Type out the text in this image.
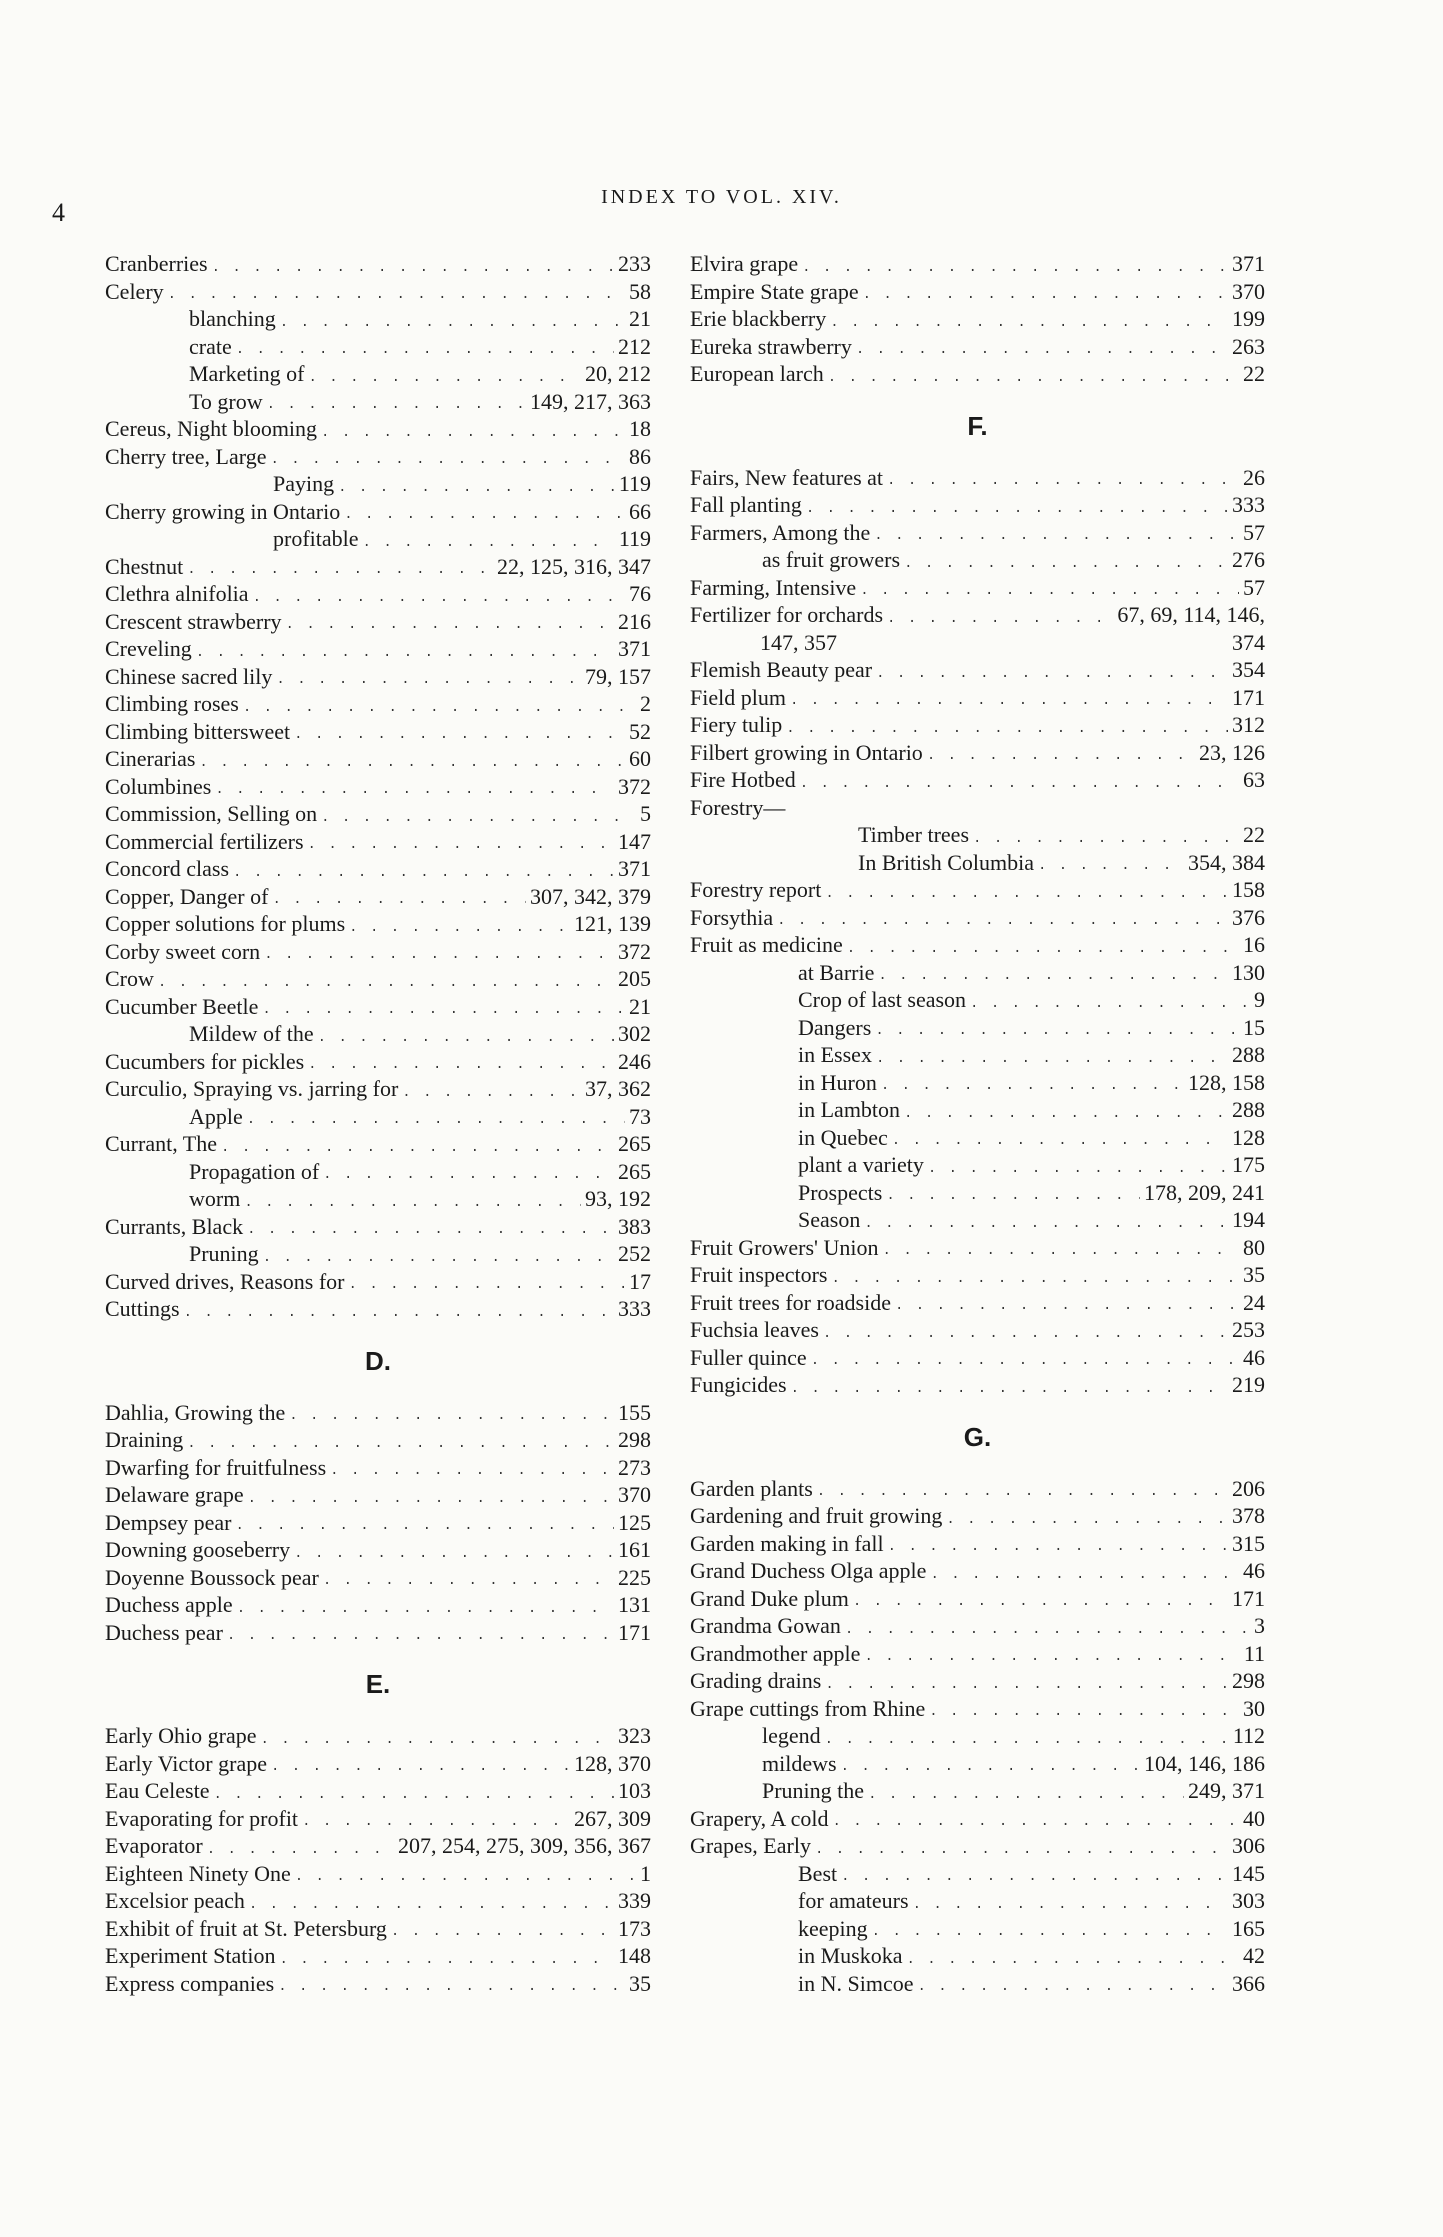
4
INDEX TO VOL. XIV.
Cranberries . . .	233
Celery . . .	58
blanching . . .	21
crate . . .	212
Marketing of . . .	20, 212
To grow . . .	149, 217, 363
Cereus, Night blooming . . .	18
Cherry tree, Large . . .	86
Paying . . .	119
Cherry growing in Ontario . . .	66
profitable . . .	119
Chestnut . . .	22, 125, 316, 347
Clethra alnifolia . . .	76
Crescent strawberry . . .	216
Creveling . . .	371
Chinese sacred lily . . .	79, 157
Climbing roses . . .	2
Climbing bittersweet . . .	52
Cinerarias . . .	60
Columbines . . .	372
Commission, Selling on . . .	5
Commercial fertilizers . . .	147
Concord class . . .	371
Copper, Danger of . . .	307, 342, 379
Copper solutions for plums . . .	121, 139
Corby sweet corn . . .	372
Crow . . .	205
Cucumber Beetle . . .	21
Mildew of the . . .	302
Cucumbers for pickles . . .	246
Curculio, Spraying vs. jarring for . . .	37, 362
Apple . . .	73
Currant, The . . .	265
Propagation of . . .	265
worm . . .	93, 192
Currants, Black . . .	383
Pruning . . .	252
Curved drives, Reasons for . . .	17
Cuttings . . .	333
D.
Dahlia, Growing the . . .	155
Draining . . .	298
Dwarfing for fruitfulness . . .	273
Delaware grape . . .	370
Dempsey pear . . .	125
Downing gooseberry . . .	161
Doyenne Boussock pear . . .	225
Duchess apple . . .	131
Duchess pear . . .	171
E.
Early Ohio grape . . .	323
Early Victor grape . . .	128, 370
Eau Celeste . . .	103
Evaporating for profit . . .	267, 309
Evaporator . . .	207, 254, 275, 309, 356, 367
Eighteen Ninety One . . .	1
Excelsior peach . . .	339
Exhibit of fruit at St. Petersburg . . .	173
Experiment Station . . .	148
Express companies . . .	35
Elvira grape . . .	371
Empire State grape . . .	370
Erie blackberry . . .	199
Eureka strawberry . . .	263
European larch . . .	22
F.
Fairs, New features at . . .	26
Fall planting . . .	333
Farmers, Among the . . .	57
as fruit growers . . .	276
Farming, Intensive . . .	57
Fertilizer for orchards . . .	67, 69, 114, 146,
147, 357	374
Flemish Beauty pear . . .	354
Field plum . . .	171
Fiery tulip . . .	312
Filbert growing in Ontario . . .	23, 126
Fire Hotbed . . .	63
Forestry—
Timber trees . . .	22
In British Columbia . . .	354, 384
Forestry report . . .	158
Forsythia . . .	376
Fruit as medicine . . .	16
at Barrie . . .	130
Crop of last season . . .	9
Dangers . . .	15
in Essex . . .	288
in Huron . . .	128, 158
in Lambton . . .	288
in Quebec . . .	128
plant a variety . . .	175
Prospects . . .	178, 209, 241
Season . . .	194
Fruit Growers' Union . . .	80
Fruit inspectors . . .	35
Fruit trees for roadside . . .	24
Fuchsia leaves . . .	253
Fuller quince . . .	46
Fungicides . . .	219
G.
Garden plants . . .	206
Gardening and fruit growing . . .	378
Garden making in fall . . .	315
Grand Duchess Olga apple . . .	46
Grand Duke plum . . .	171
Grandma Gowan . . .	3
Grandmother apple . . .	11
Grading drains . . .	298
Grape cuttings from Rhine . . .	30
legend . . .	112
mildews . . .	104, 146, 186
Pruning the . . .	249, 371
Grapery, A cold . . .	40
Grapes, Early . . .	306
Best . . .	145
for amateurs . . .	303
keeping . . .	165
in Muskoka . . .	42
in N. Simcoe . . .	366
